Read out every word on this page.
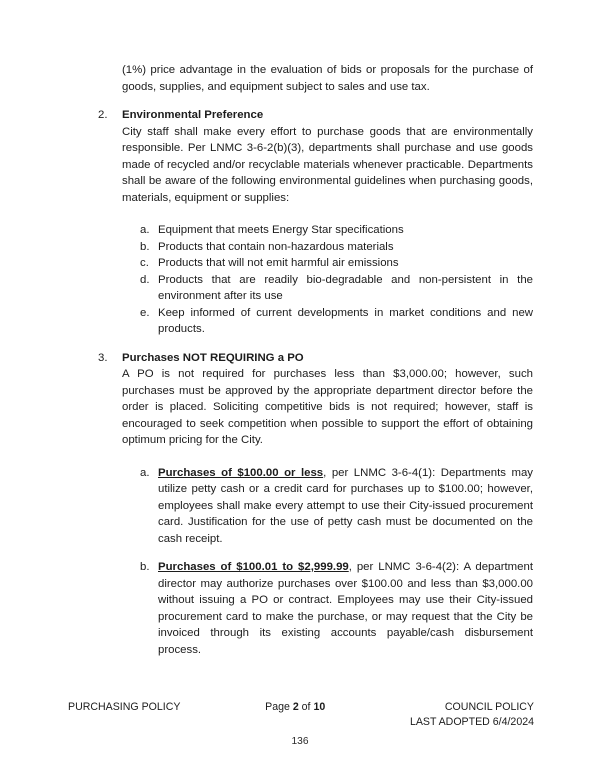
(1%) price advantage in the evaluation of bids or proposals for the purchase of goods, supplies, and equipment subject to sales and use tax.

2.	Environmental Preference

City staff shall make every effort to purchase goods that are environmentally responsible. Per LNMC 3-6-2(b)(3), departments shall purchase and use goods made of recycled and/or recyclable materials whenever practicable. Departments shall be aware of the following environmental guidelines when purchasing goods, materials, equipment or supplies:

a. Equipment that meets Energy Star specifications
b. Products that contain non-hazardous materials
c. Products that will not emit harmful air emissions
d. Products that are readily bio-degradable and non-persistent in the environment after its use
e. Keep informed of current developments in market conditions and new products.
3.	Purchases NOT REQUIRING a PO

A PO is not required for purchases less than $3,000.00; however, such purchases must be approved by the appropriate department director before the order is placed. Soliciting competitive bids is not required; however, staff is encouraged to seek competition when possible to support the effort of obtaining optimum pricing for the City.

a. Purchases of $100.00 or less, per LNMC 3-6-4(1): Departments may utilize petty cash or a credit card for purchases up to $100.00; however, employees shall make every attempt to use their City-issued procurement card. Justification for the use of petty cash must be documented on the cash receipt.
b. Purchases of $100.01 to $2,999.99, per LNMC 3-6-4(2): A department director may authorize purchases over $100.00 and less than $3,000.00 without issuing a PO or contract. Employees may use their City-issued procurement card to make the purchase, or may request that the City be invoiced through its existing accounts payable/cash disbursement process.
PURCHASING POLICY	Page 2 of 10	COUNCIL POLICY
LAST ADOPTED 6/4/2024
136
